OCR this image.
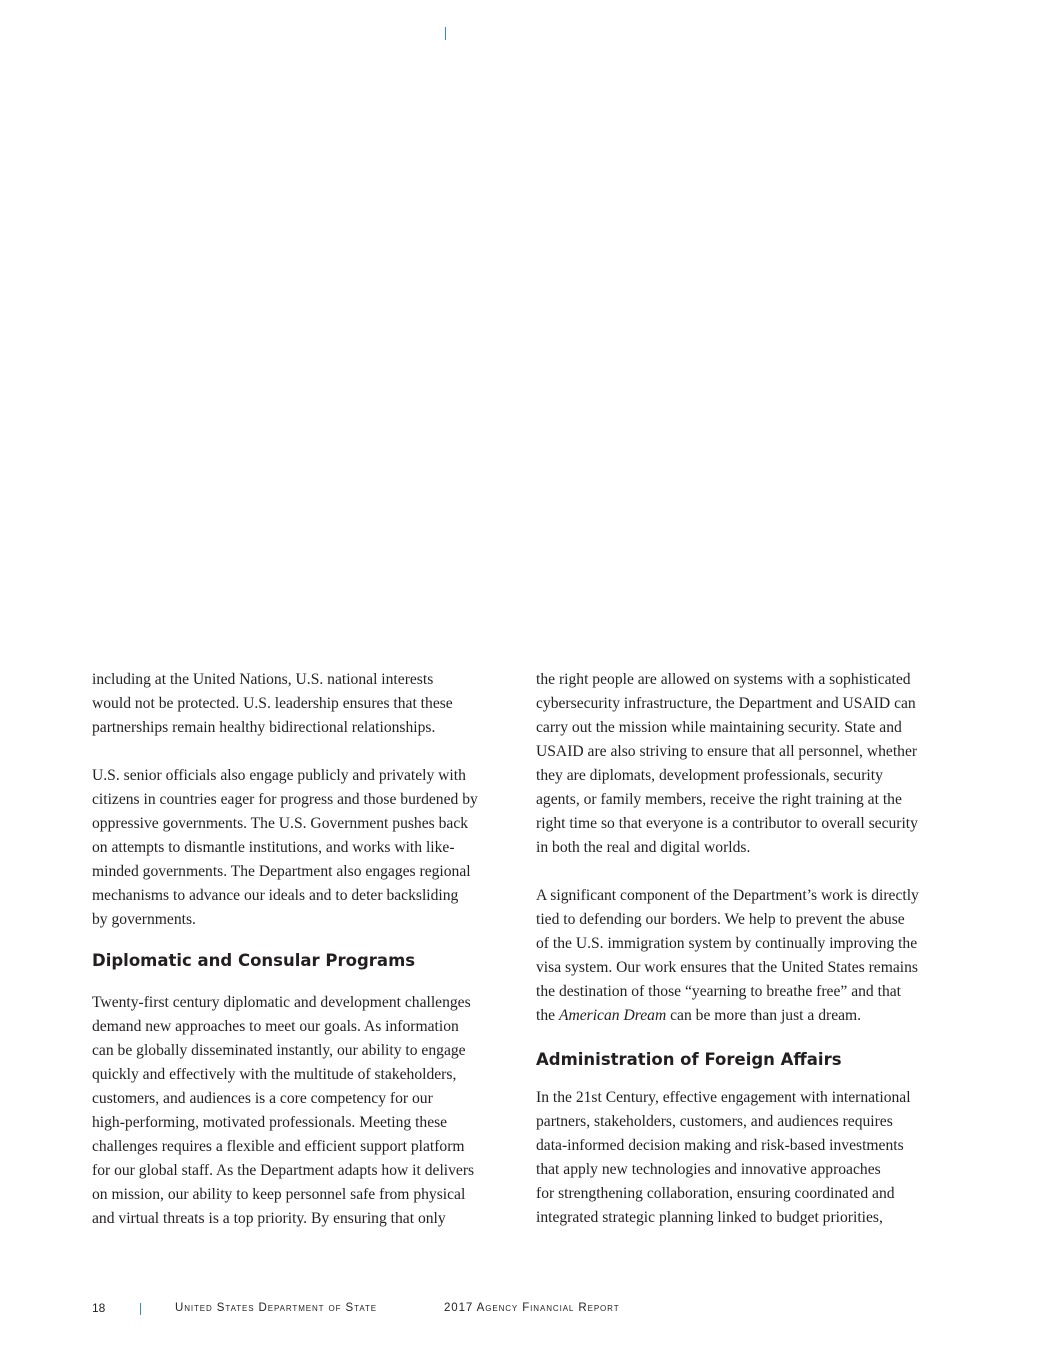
including at the United Nations, U.S. national interests
would not be protected. U.S. leadership ensures that these
partnerships remain healthy bidirectional relationships.

U.S. senior officials also engage publicly and privately with
citizens in countries eager for progress and those burdened by
oppressive governments. The U.S. Government pushes back
on attempts to dismantle institutions, and works with like-
minded governments. The Department also engages regional
mechanisms to advance our ideals and to deter backsliding
by governments.

Diplomatic and Consular Programs

Twenty-first century diplomatic and development challenges
demand new approaches to meet our goals. As information
can be globally disseminated instantly, our ability to engage
quickly and effectively with the multitude of stakeholders,
customers, and audiences is a core competency for our
high-performing, motivated professionals. Meeting these
challenges requires a flexible and efficient support platform
for our global staff. As the Department adapts how it delivers
on mission, our ability to keep personnel safe from physical
and virtual threats is a top priority. By ensuring that only

the right people are allowed on systems with a sophisticated
cybersecurity infrastructure, the Department and USAID can
carry out the mission while maintaining security. State and
USAID are also striving to ensure that all personnel, whether
they are diplomats, development professionals, security
agents, or family members, receive the right training at the
right time so that everyone is a contributor to overall security
in both the real and digital worlds.

A significant component of the Department’s work is directly
tied to defending our borders. We help to prevent the abuse
of the U.S. immigration system by continually improving the
visa system. Our work ensures that the United States remains
the destination of those “yearning to breathe free” and that
the American Dream can be more than just a dream.

Administration of Foreign Affairs

In the 21st Century, effective engagement with international
partners, stakeholders, customers, and audiences requires
data-informed decision making and risk-based investments
that apply new technologies and innovative approaches
for strengthening collaboration, ensuring coordinated and
integrated strategic planning linked to budget priorities,

18	United States Department of State	2017 Agency Financial Report
